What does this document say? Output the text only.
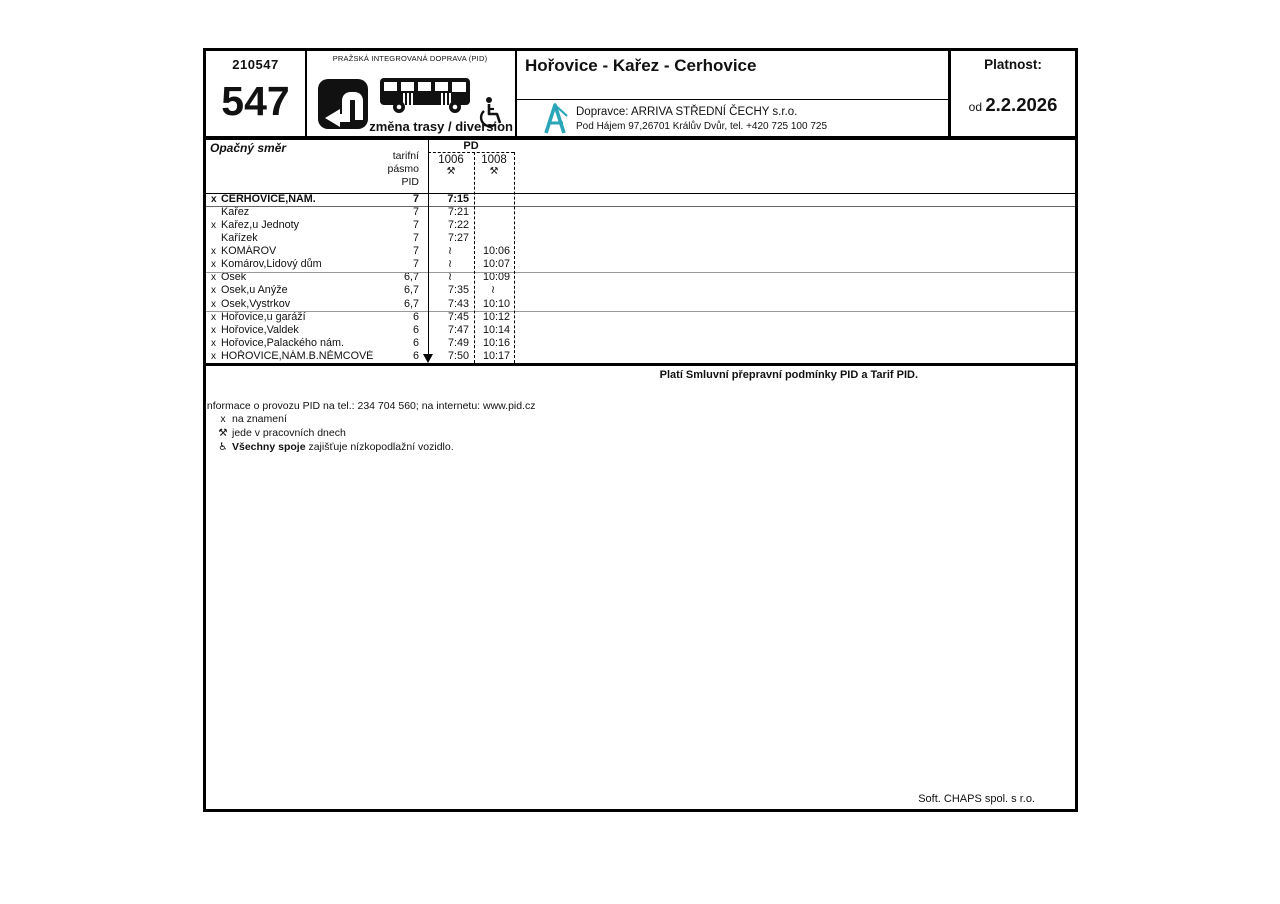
210547
547
PRAŽSKÁ INTEGROVANÁ DOPRAVA (PID)
změna trasy / diversion
Hořovice - Kařez - Cerhovice
Dopravce: ARRIVA STŘEDNÍ ČECHY s.r.o.
Pod Hájem 97,26701 Králův Dvůr, tel. +420 725 100 725
Platnost:
od 2.2.2026
Opačný směr
tarifní
pásmo
PID
PD
1006	1008
⚒	⚒
x CERHOVICE,NÁM.	7	7:15
Kařez	7	7:21
x Kařez,u Jednoty	7	7:22
Kařízek	7	7:27
x KOMÁROV	7	≀	10:06
x Komárov,Lidový dům	7	≀	10:07
x Osek	6,7	≀	10:09
x Osek,u Anýže	6,7	7:35	≀
x Osek,Vystrkov	6,7	7:43	10:10
x Hořovice,u garáží	6	7:45	10:12
x Hořovice,Valdek	6	7:47	10:14
x Hořovice,Palackého nám.	6	7:49	10:16
x HOŘOVICE,NÁM.B.NĚMCOVÉ	6	7:50	10:17
Platí Smluvní přepravní podmínky PID a Tarif PID.
Informace o provozu PID na tel.: 234 704 560; na internetu: www.pid.cz
x na znamení
⚒ jede v pracovních dnech
♿ Všechny spoje zajišťuje nízkopodlažní vozidlo.
Soft. CHAPS spol. s r.o.
